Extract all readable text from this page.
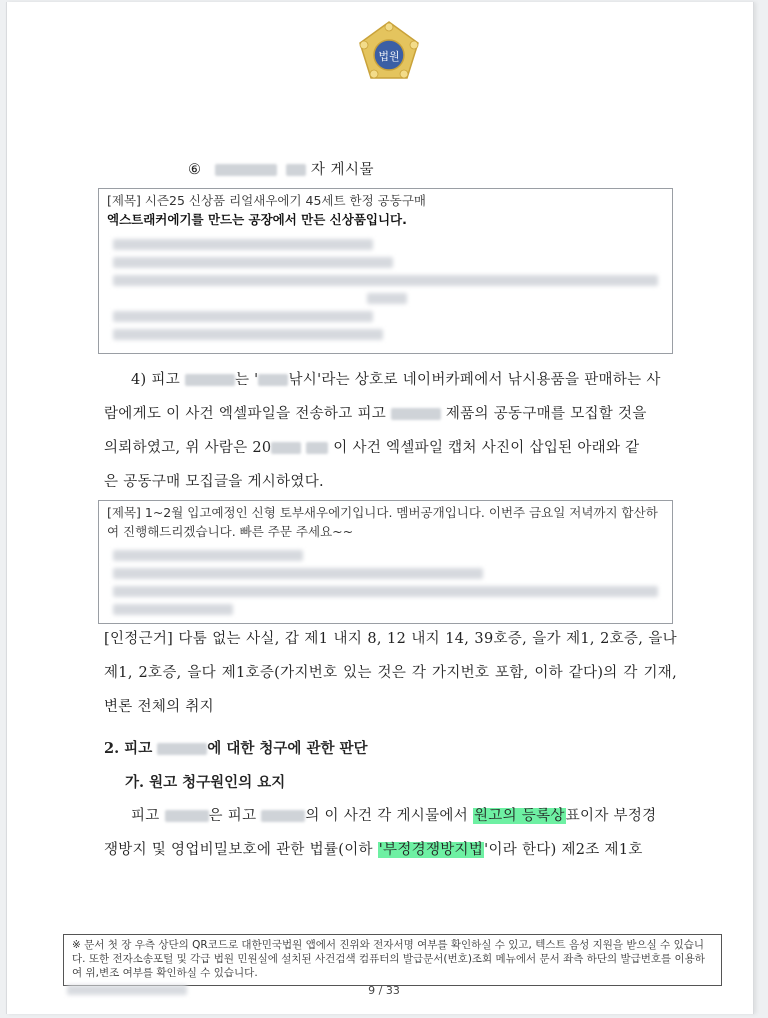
법원
⑥	자 게시물
[제목] 시즌25 신상품 리얼새우에기 45세트 한정 공동구매
엑스트래커에기를 만드는 공장에서 만든 신상품입니다.
4) 피고	는 ' 낚시'라는 상호로 네이버카페에서 낚시용품을 판매하는 사
람에게도 이 사건 엑셀파일을 전송하고 피고	제품의 공동구매를 모집할 것을
의뢰하였고, 위 사람은 20	이 사건 엑셀파일 캡처 사진이 삽입된 아래와 같
은 공동구매 모집글을 게시하였다.
[제목] 1~2월 입고예정인 신형 토부새우에기입니다. 멤버공개입니다. 이번주 금요일 저녁까지 합산하여 진행해드리겠습니다. 빠른 주문 주세요~~
[인정근거] 다툼 없는 사실, 갑 제1 내지 8, 12 내지 14, 39호증, 을가 제1, 2호증, 을나 제1, 2호증, 을다 제1호증(가지번호 있는 것은 각 가지번호 포함, 이하 같다)의 각 기재, 변론 전체의 취지
2. 피고	에 대한 청구에 관한 판단
가. 원고 청구원인의 요지
피고	은 피고	의 이 사건 각 게시물에서 원고의 등록상표이자 부정경
쟁방지 및 영업비밀보호에 관한 법률(이하 '부정경쟁방지법'이라 한다) 제2조 제1호
※ 문서 첫 장 우측 상단의 QR코드로 대한민국법원 앱에서 진위와 전자서명 여부를 확인하실 수 있고, 텍스트 음성 지원을 받으실 수 있습니다. 또한 전자소송포털 및 각급 법원 민원실에 설치된 사건검색 컴퓨터의 발급문서(번호)조회 메뉴에서 문서 좌측 하단의 발급번호를 이용하여 위,변조 여부를 확인하실 수 있습니다.
9 / 33
